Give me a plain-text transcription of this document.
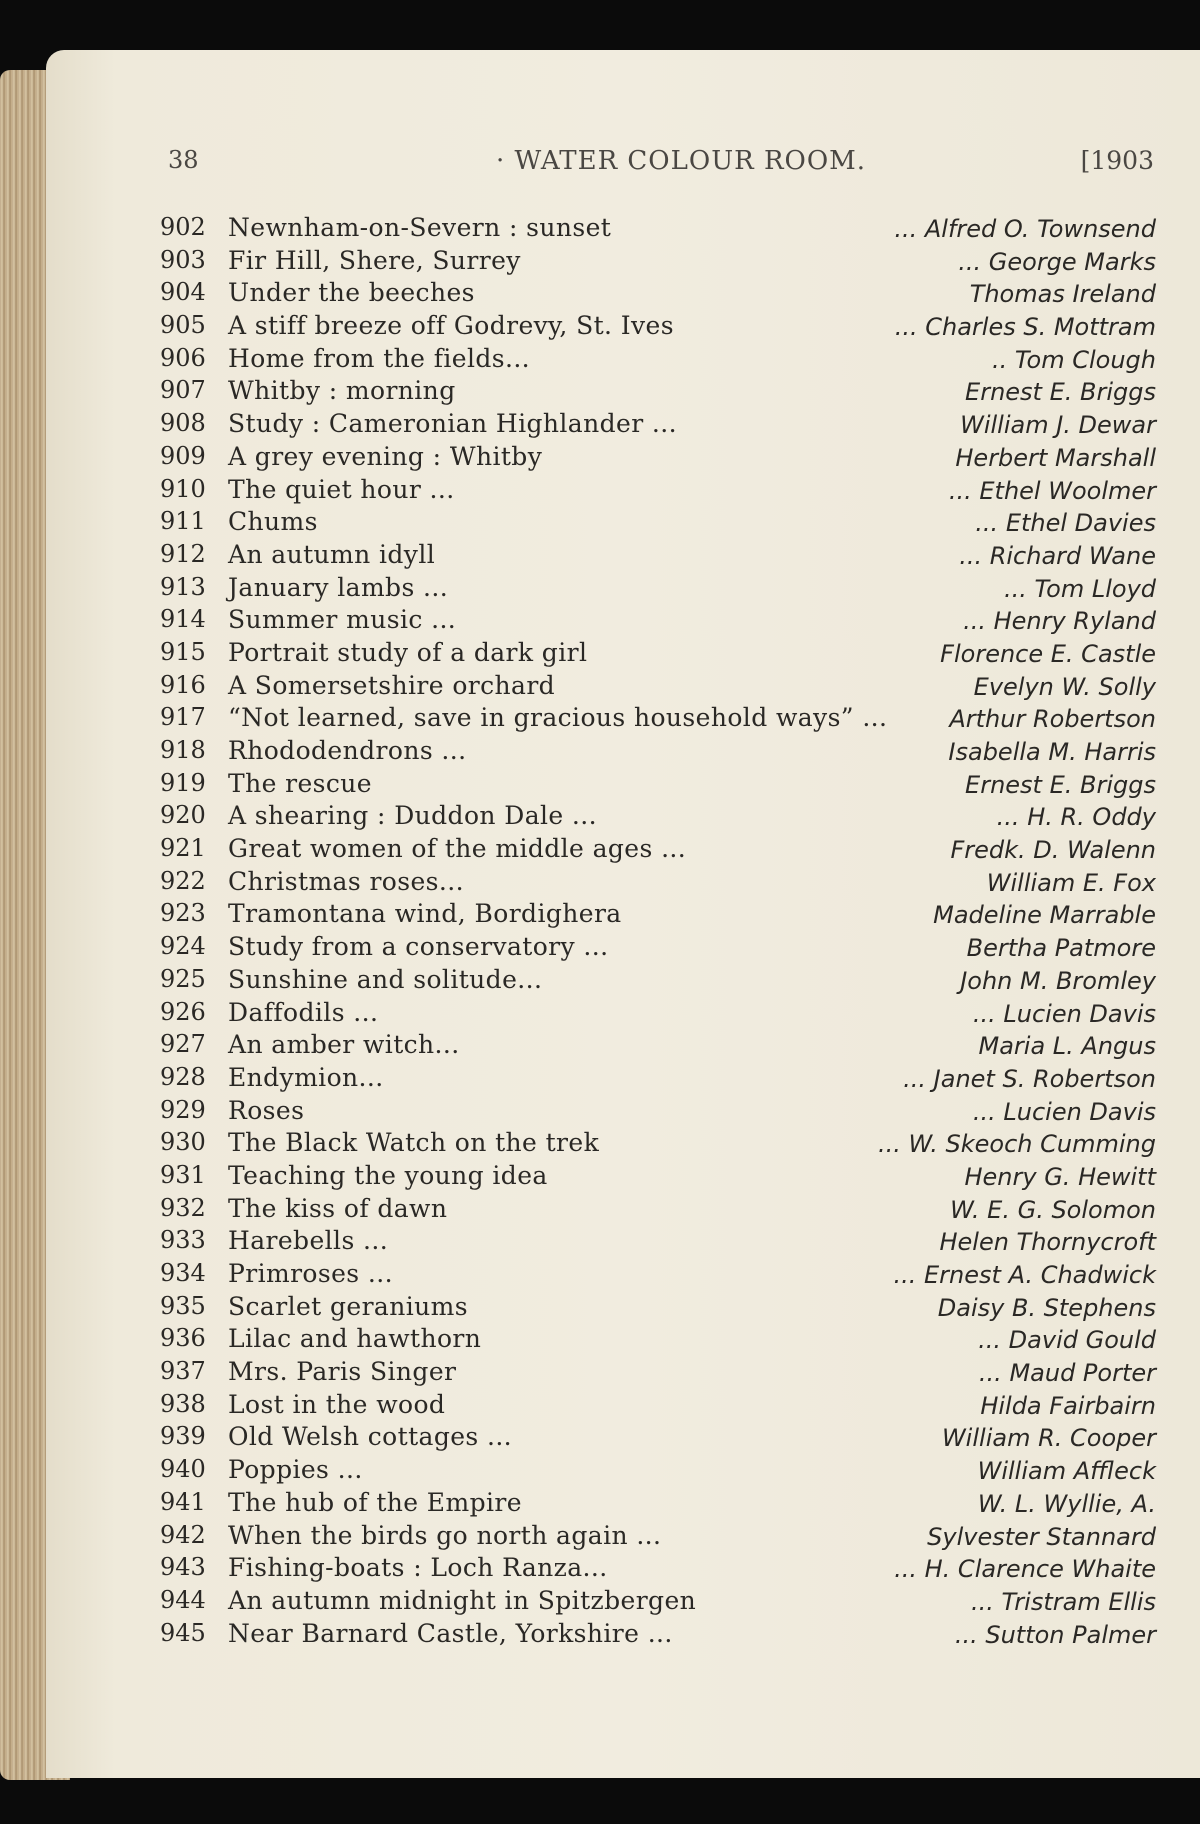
38	· WATER COLOUR ROOM.	[1903
902 Newnham-on-Severn : sunset	... Alfred O. Townsend
903 Fir Hill, Shere, Surrey	... George Marks
904 Under the beeches	Thomas Ireland
905 A stiff breeze off Godrevy, St. Ives	... Charles S. Mottram
906 Home from the fields...	.. Tom Clough
907 Whitby : morning	Ernest E. Briggs
908 Study : Cameronian Highlander ...	William J. Dewar
909 A grey evening : Whitby	Herbert Marshall
910 The quiet hour ...	... Ethel Woolmer
911 Chums	... Ethel Davies
912 An autumn idyll	... Richard Wane
913 January lambs ...	... Tom Lloyd
914 Summer music ...	... Henry Ryland
915 Portrait study of a dark girl	Florence E. Castle
916 A Somersetshire orchard	Evelyn W. Solly
917 “Not learned, save in gracious household ways” ...	Arthur Robertson
918 Rhododendrons ...	Isabella M. Harris
919 The rescue	Ernest E. Briggs
920 A shearing : Duddon Dale ...	... H. R. Oddy
921 Great women of the middle ages ...	Fredk. D. Walenn
922 Christmas roses...	William E. Fox
923 Tramontana wind, Bordighera	Madeline Marrable
924 Study from a conservatory ...	Bertha Patmore
925 Sunshine and solitude...	John M. Bromley
926 Daffodils ...	... Lucien Davis
927 An amber witch...	Maria L. Angus
928 Endymion...	... Janet S. Robertson
929 Roses	... Lucien Davis
930 The Black Watch on the trek	... W. Skeoch Cumming
931 Teaching the young idea	Henry G. Hewitt
932 The kiss of dawn	W. E. G. Solomon
933 Harebells ...	Helen Thornycroft
934 Primroses ...	... Ernest A. Chadwick
935 Scarlet geraniums	Daisy B. Stephens
936 Lilac and hawthorn	... David Gould
937 Mrs. Paris Singer	... Maud Porter
938 Lost in the wood	Hilda Fairbairn
939 Old Welsh cottages ...	William R. Cooper
940 Poppies ...	William Affleck
941 The hub of the Empire	W. L. Wyllie, A.
942 When the birds go north again ...	Sylvester Stannard
943 Fishing-boats : Loch Ranza...	... H. Clarence Whaite
944 An autumn midnight in Spitzbergen	... Tristram Ellis
945 Near Barnard Castle, Yorkshire ...	... Sutton Palmer
